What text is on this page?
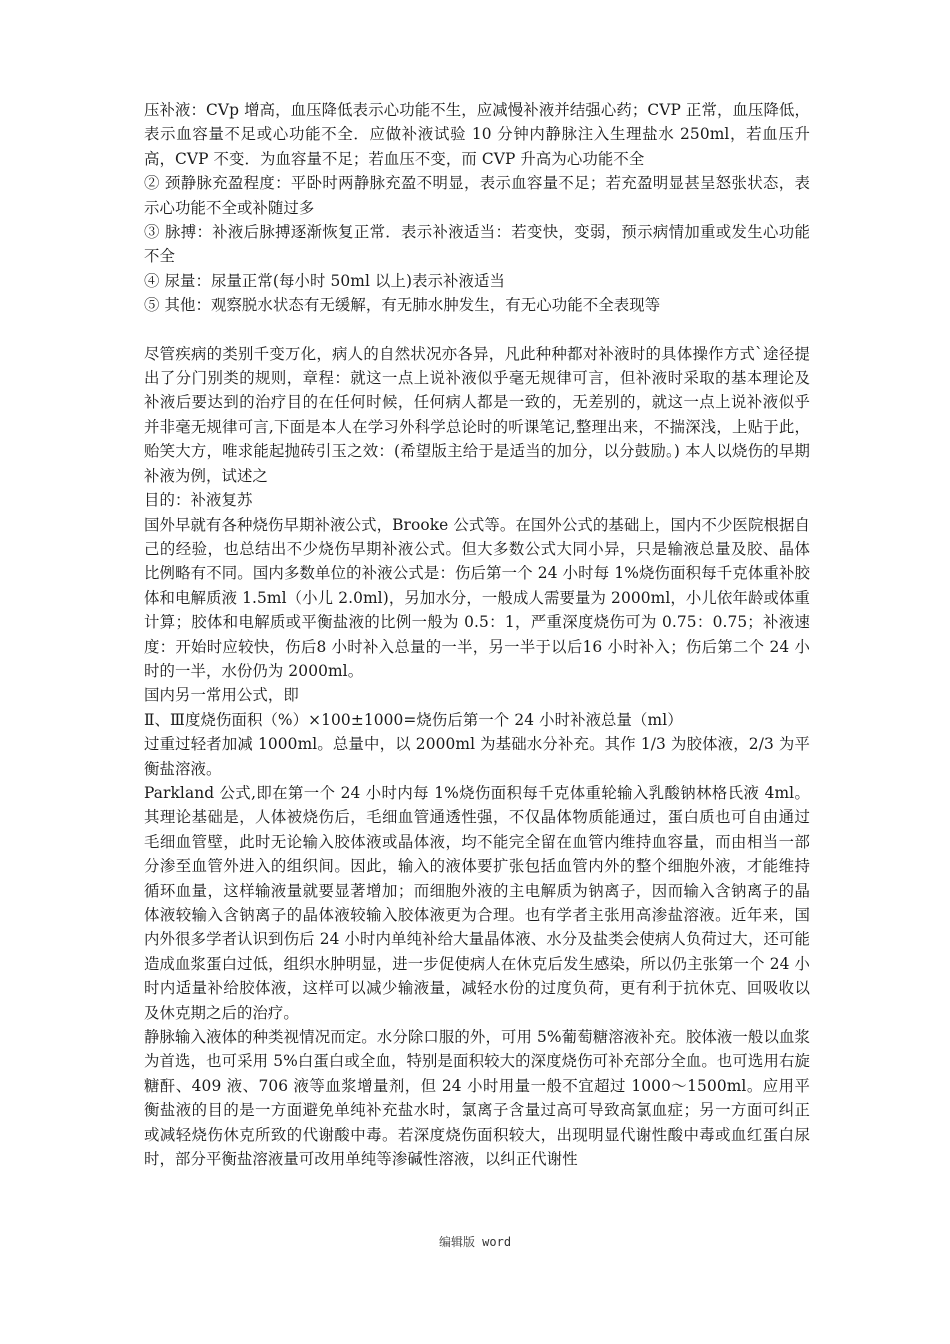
压补液：CVp 增高，血压降低表示心功能不生，应减慢补液并结强心药；CVP 正常，血压降低，表示血容量不足或心功能不全．应做补液试验 10 分钟内静脉注入生理盐水 250ml，若血压升高，CVP 不变．为血容量不足；若血压不变，而 CVP 升高为心功能不全

② 颈静脉充盈程度：平卧时两静脉充盈不明显，表示血容量不足；若充盈明显甚呈怒张状态，表示心功能不全或补随过多

③ 脉搏：补液后脉搏逐渐恢复正常．表示补液适当：若变快，变弱，预示病情加重或发生心功能不全

④ 尿量：尿量正常(每小时 50ml 以上)表示补液适当

⑤ 其他：观察脱水状态有无缓解，有无肺水肿发生，有无心功能不全表现等

尽管疾病的类别千变万化，病人的自然状况亦各异，凡此种种都对补液时的具体操作方式`途径提出了分门别类的规则，章程：就这一点上说补液似乎毫无规律可言，但补液时采取的基本理论及补液后要达到的治疗目的在任何时候，任何病人都是一致的，无差别的，就这一点上说补液似乎并非毫无规律可言,下面是本人在学习外科学总论时的听课笔记,整理出来，不揣深浅，上贴于此，贻笑大方，唯求能起抛砖引玉之效：(希望版主给于是适当的加分，以分鼓励。) 本人以烧伤的早期补液为例，试述之

目的：补液复苏

国外早就有各种烧伤早期补液公式，Brooke 公式等。在国外公式的基础上，国内不少医院根据自己的经验，也总结出不少烧伤早期补液公式。但大多数公式大同小异，只是输液总量及胶、晶体比例略有不同。国内多数单位的补液公式是：伤后第一个 24 小时每 1%烧伤面积每千克体重补胶体和电解质液 1.5ml（小儿 2.0ml)，另加水分，一般成人需要量为 2000ml，小儿依年龄或体重计算；胶体和电解质或平衡盐液的比例一般为 0.5：1，严重深度烧伤可为 0.75：0.75；补液速度：开始时应较快，伤后8 小时补入总量的一半，另一半于以后16 小时补入；伤后第二个 24 小时的一半，水份仍为 2000ml。

国内另一常用公式，即

Ⅱ、Ⅲ度烧伤面积（%）×100±1000=烧伤后第一个 24 小时补液总量（ml）

过重过轻者加减 1000ml。总量中，以 2000ml 为基础水分补充。其作 1/3 为胶体液，2/3 为平衡盐溶液。

Parkland 公式,即在第一个 24 小时内每 1%烧伤面积每千克体重轮输入乳酸钠林格氏液 4ml。其理论基础是，人体被烧伤后，毛细血管通透性强，不仅晶体物质能通过，蛋白质也可自由通过毛细血管壁，此时无论输入胶体液或晶体液，均不能完全留在血管内维持血容量，而由相当一部分渗至血管外进入的组织间。因此，输入的液体要扩张包括血管内外的整个细胞外液，才能维持循环血量，这样输液量就要显著增加；而细胞外液的主电解质为钠离子，因而输入含钠离子的晶体液较输入含钠离子的晶体液较输入胶体液更为合理。也有学者主张用高渗盐溶液。近年来，国内外很多学者认识到伤后 24 小时内单纯补给大量晶体液、水分及盐类会使病人负荷过大，还可能造成血浆蛋白过低，组织水肿明显，进一步促使病人在休克后发生感染，所以仍主张第一个 24 小时内适量补给胶体液，这样可以减少输液量，减轻水份的过度负荷，更有利于抗休克、回吸收以及休克期之后的治疗。

静脉输入液体的种类视情况而定。水分除口服的外，可用 5%葡萄糖溶液补充。胶体液一般以血浆为首选，也可采用 5%白蛋白或全血，特别是面积较大的深度烧伤可补充部分全血。也可选用右旋糖酐、409 液、706 液等血浆增量剂，但 24 小时用量一般不宜超过 1000～1500ml。应用平衡盐液的目的是一方面避免单纯补充盐水时，氯离子含量过高可导致高氯血症；另一方面可纠正或减轻烧伤休克所致的代谢酸中毒。若深度烧伤面积较大，出现明显代谢性酸中毒或血红蛋白尿时，部分平衡盐溶液量可改用单纯等渗碱性溶液，以纠正代谢性

编辑版 word
